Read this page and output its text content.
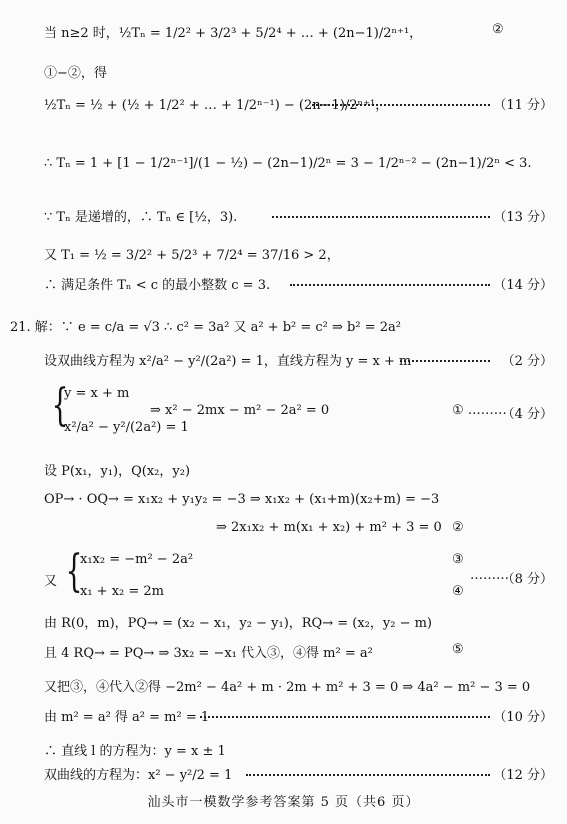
当 n≥2 时，½Tₙ = 1/2² + 3/2³ + 5/2⁴ + … + (2n−1)/2ⁿ⁺¹，	②
①−②，得
½Tₙ = ½ + (½ + 1/2² + … + 1/2ⁿ⁻¹) − (2n−1)/2ⁿ⁺¹，	（11 分）
∴ Tₙ = 1 + [1 − 1/2ⁿ⁻¹]/(1 − ½) − (2n−1)/2ⁿ = 3 − 1/2ⁿ⁻² − (2n−1)/2ⁿ < 3.
∵ Tₙ 是递增的，∴ Tₙ ∈ [½，3).	（13 分）
又 T₁ = ½ = 3/2² + 5/2³ + 7/2⁴ = 37/16 > 2，
∴ 满足条件 Tₙ < c 的最小整数 c = 3.	（14 分）
21. 解：∵ e = c/a = √3 ∴ c² = 3a² 又 a² + b² = c² ⇒ b² = 2a²
设双曲线方程为 x²/a² − y²/(2a²) = 1，直线方程为 y = x + m	（2 分）
{
y = x + m
x²/a² − y²/(2a²) = 1
⇒ x² − 2mx − m² − 2a² = 0	① ………
（4 分）
设 P(x₁，y₁)，Q(x₂，y₂)
OP→ · OQ→ = x₁x₂ + y₁y₂ = −3 ⇒ x₁x₂ + (x₁+m)(x₂+m) = −3
⇒ 2x₁x₂ + m(x₁ + x₂) + m² + 3 = 0 ②
又 {
x₁x₂ = −m² − 2a²	③
x₁ + x₂ = 2m	④
………
（8 分）
由 R(0，m)，PQ→ = (x₂ − x₁，y₂ − y₁)，RQ→ = (x₂，y₂ − m)
且 4 RQ→ = PQ→ ⇒ 3x₂ = −x₁ 代入③，④得 m² = a²	⑤
又把③，④代入②得 −2m² − 4a² + m · 2m + m² + 3 = 0 ⇒ 4a² − m² − 3 = 0
由 m² = a² 得 a² = m² = 1	（10 分）
∴ 直线 l 的方程为：y = x ± 1
双曲线的方程为：x² − y²/2 = 1	（12 分）
汕头市一模数学参考答案第 5 页（共6 页）
